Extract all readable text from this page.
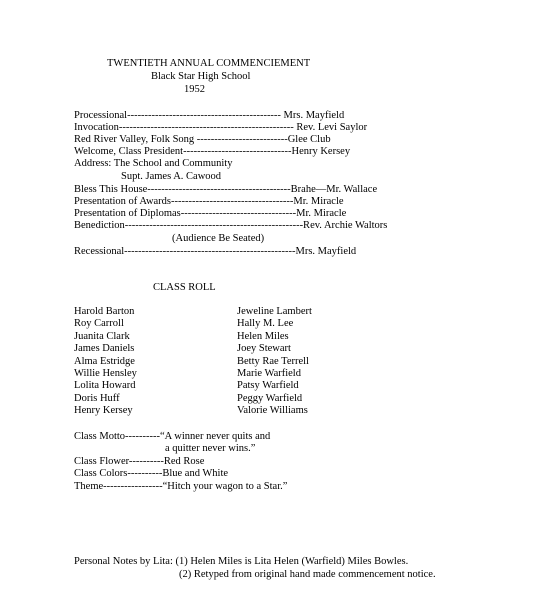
TWENTIETH ANNUAL COMMENCIEMENT
Black Star High School
1952
Processional-------------------------------------------- Mrs. Mayfield
Invocation-------------------------------------------------- Rev. Levi Saylor
Red River Valley, Folk Song --------------------------Glee Club
Welcome, Class President-------------------------------Henry Kersey
Address: The School and Community
Supt. James A. Cawood
Bless This House-----------------------------------------Brahe—Mr. Wallace
Presentation of Awards-----------------------------------Mr. Miracle
Presentation of Diplomas---------------------------------Mr. Miracle
Benediction---------------------------------------------------Rev. Archie Waltors
(Audience Be Seated)
Recessional-------------------------------------------------Mrs. Mayfield
CLASS ROLL
Harold Barton
Roy Carroll
Juanita Clark
James Daniels
Alma Estridge
Willie Hensley
Lolita Howard
Doris Huff
Henry Kersey
Jeweline Lambert
Hally M. Lee
Helen Miles
Joey Stewart
Betty Rae Terrell
Marie Warfield
Patsy Warfield
Peggy Warfield
Valorie Williams
Class Motto----------“A winner never quits and
a quitter never wins.”
Class Flower----------Red Rose
Class Colors----------Blue and White
Theme-----------------“Hitch your wagon to a Star.”
Personal Notes by Lita: (1) Helen Miles is Lita Helen (Warfield) Miles Bowles.
(2) Retyped from original hand made commencement notice.
